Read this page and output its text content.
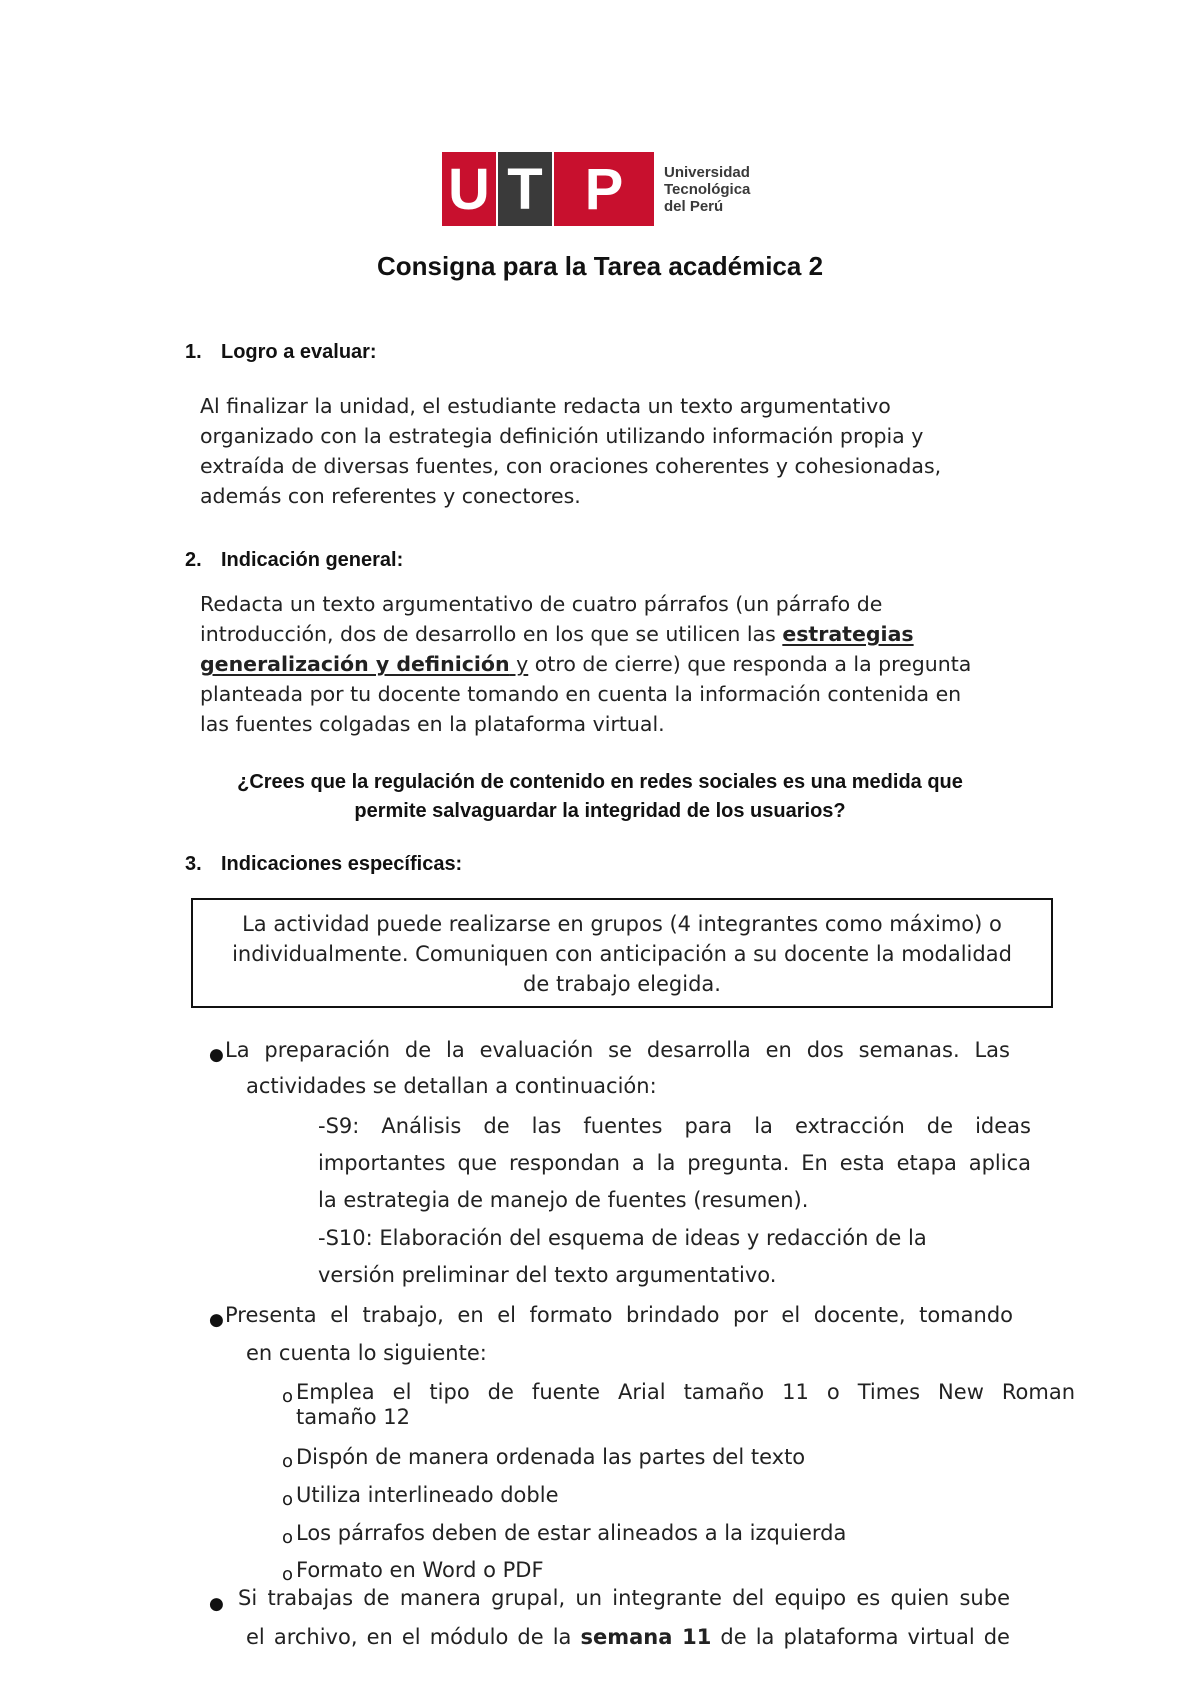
U T P	Universidad
Tecnológica
del Perú
Consigna para la Tarea académica 2
1. Logro a evaluar:
Al finalizar la unidad, el estudiante redacta un texto argumentativo
organizado con la estrategia definición utilizando información propia y
extraída de diversas fuentes, con oraciones coherentes y cohesionadas,
además con referentes y conectores.
2. Indicación general:
Redacta un texto argumentativo de cuatro párrafos (un párrafo de
introducción, dos de desarrollo en los que se utilicen las estrategias
generalización y definición y otro de cierre) que responda a la pregunta
planteada por tu docente tomando en cuenta la información contenida en
las fuentes colgadas en la plataforma virtual.
¿Crees que la regulación de contenido en redes sociales es una medida que
permite salvaguardar la integridad de los usuarios?
3. Indicaciones específicas:
La actividad puede realizarse en grupos (4 integrantes como máximo) o
individualmente. Comuniquen con anticipación a su docente la modalidad
de trabajo elegida.
● La preparación de la evaluación se desarrolla en dos semanas. Las
actividades se detallan a continuación:
-S9: Análisis de las fuentes para la extracción de ideas
importantes que respondan a la pregunta. En esta etapa aplica
la estrategia de manejo de fuentes (resumen).
-S10: Elaboración del esquema de ideas y redacción de la
versión preliminar del texto argumentativo.
● Presenta el trabajo, en el formato brindado por el docente, tomando
en cuenta lo siguiente:
o Emplea el tipo de fuente Arial tamaño 11 o Times New Roman
tamaño 12
o Dispón de manera ordenada las partes del texto
o Utiliza interlineado doble
o Los párrafos deben de estar alineados a la izquierda
o Formato en Word o PDF
● Si trabajas de manera grupal, un integrante del equipo es quien sube
el archivo, en el módulo de la semana 11 de la plataforma virtual de
